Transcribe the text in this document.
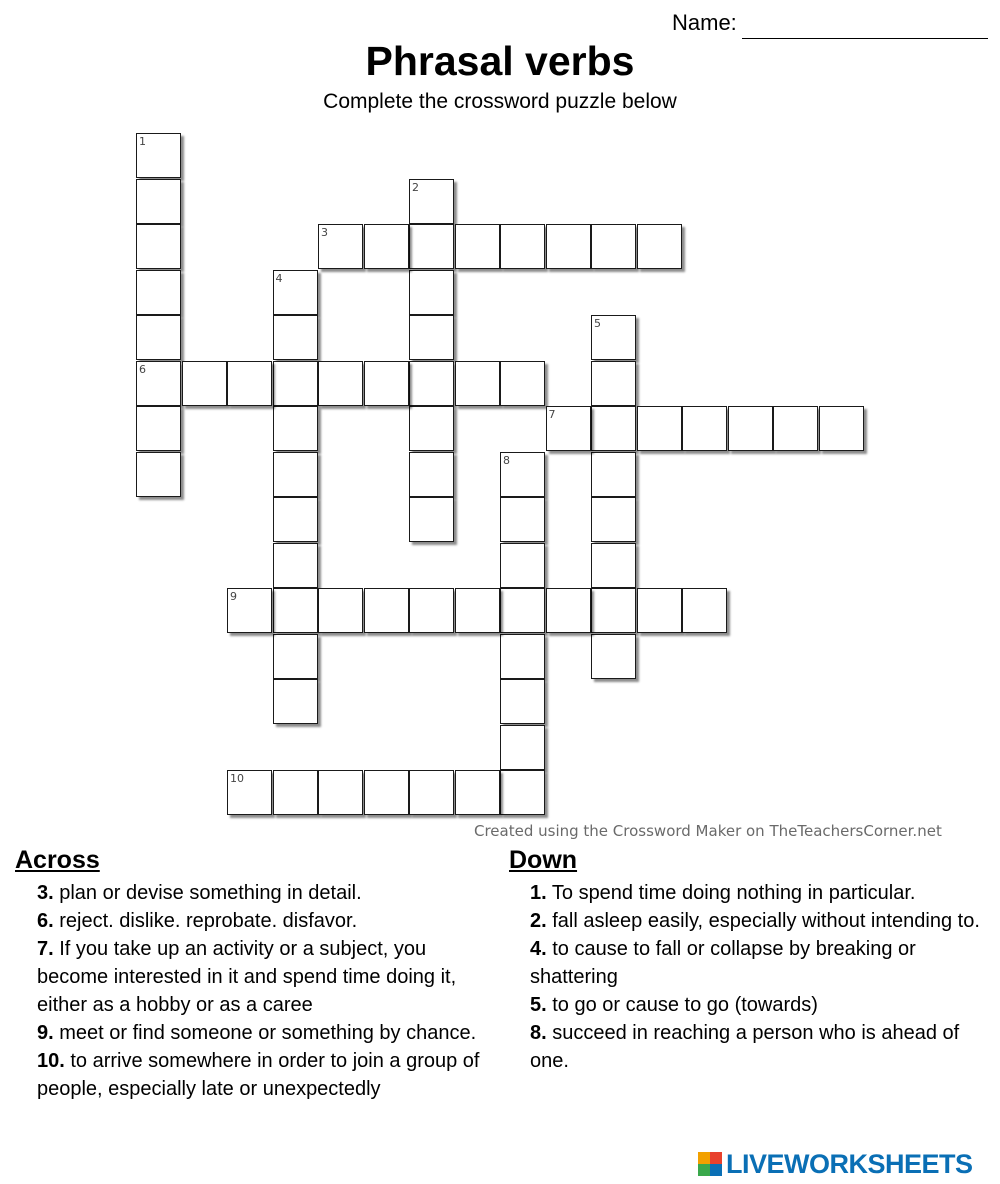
Name:
Phrasal verbs
Complete the crossword puzzle below
1
6
2
3
4
5
7
8
9
10
Created using the Crossword Maker on TheTeachersCorner.net
Across

3. plan or devise something in detail.

6. reject. dislike. reprobate. disfavor.

7. If you take up an activity or a subject, you become interested in it and spend time doing it, either as a hobby or as a caree

9. meet or find someone or something by chance.

10. to arrive somewhere in order to join a group of people, especially late or unexpectedly

Down

1. To spend time doing nothing in particular.

2. fall asleep easily, especially without intending to.

4. to cause to fall or collapse by breaking or shattering

5. to go or cause to go (towards)

8. succeed in reaching a person who is ahead of one.

LIVEWORKSHEETS
